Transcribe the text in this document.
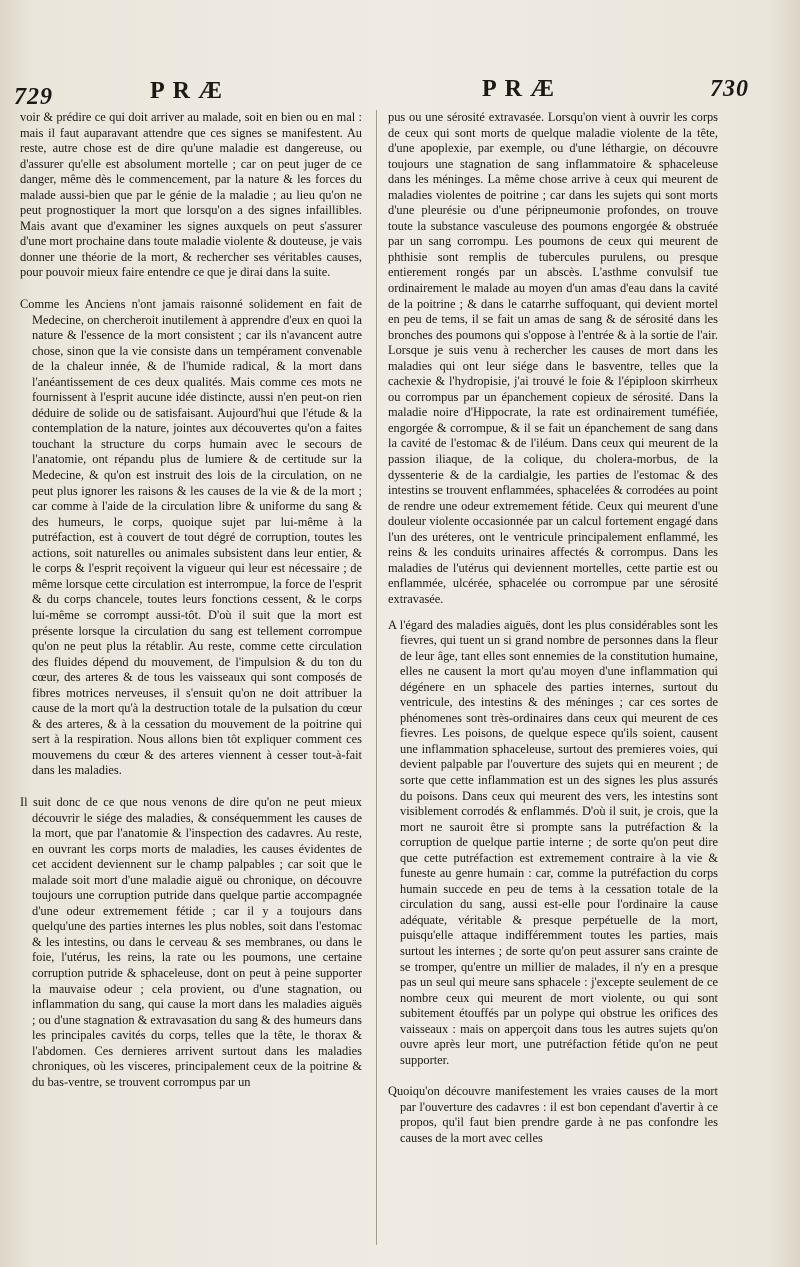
729	PRÆ	PRÆ	730

voir & prédire ce qui doit arriver au malade, soit en bien ou en mal : mais il faut auparavant attendre que ces signes se manifestent. Au reste, autre chose est de dire qu'une maladie est dangereuse, ou d'assurer qu'elle est absolument mortelle ; car on peut juger de ce danger, même dès le commencement, par la nature & les forces du malade aussi-bien que par le génie de la maladie ; au lieu qu'on ne peut prognostiquer la mort que lorsqu'on a des signes infaillibles. Mais avant que d'examiner les signes auxquels on peut s'assurer d'une mort prochaine dans toute maladie violente & douteuse, je vais donner une théorie de la mort, & rechercher ses véritables causes, pour pouvoir mieux faire entendre ce que je dirai dans la suite.

Comme les Anciens n'ont jamais raisonné solidement en fait de Medecine, on chercheroit inutilement à apprendre d'eux en quoi la nature & l'essence de la mort consistent ; car ils n'avancent autre chose, sinon que la vie consiste dans un tempérament convenable de la chaleur innée, & de l'humide radical, & la mort dans l'anéantissement de ces deux qualités. Mais comme ces mots ne fournissent à l'esprit aucune idée distincte, aussi n'en peut-on rien déduire de solide ou de satisfaisant. Aujourd'hui que l'étude & la contemplation de la nature, jointes aux découvertes qu'on a faites touchant la structure du corps humain avec le secours de l'anatomie, ont répandu plus de lumiere & de certitude sur la Medecine, & qu'on est instruit des lois de la circulation, on ne peut plus ignorer les raisons & les causes de la vie & de la mort ; car comme à l'aide de la circulation libre & uniforme du sang & des humeurs, le corps, quoique sujet par lui-même à la putréfaction, est à couvert de tout dégré de corruption, toutes les actions, soit naturelles ou animales subsistent dans leur entier, & le corps & l'esprit reçoivent la vigueur qui leur est nécessaire ; de même lorsque cette circulation est interrompue, la force de l'esprit & du corps chancele, toutes leurs fonctions cessent, & le corps lui-même se corrompt aussi-tôt. D'où il suit que la mort est présente lorsque la circulation du sang est tellement corrompue qu'on ne peut plus la rétablir. Au reste, comme cette circulation des fluides dépend du mouvement, de l'impulsion & du ton du cœur, des arteres & de tous les vaisseaux qui sont composés de fibres motrices nerveuses, il s'ensuit qu'on ne doit attribuer la cause de la mort qu'à la destruction totale de la pulsation du cœur & des arteres, & à la cessation du mouvement de la poitrine qui sert à la respiration. Nous allons bien tôt expliquer comment ces mouvemens du cœur & des arteres viennent à cesser tout-à-fait dans les maladies.

Il suit donc de ce que nous venons de dire qu'on ne peut mieux découvrir le siége des maladies, & conséquemment les causes de la mort, que par l'anatomie & l'inspection des cadavres. Au reste, en ouvrant les corps morts de maladies, les causes évidentes de cet accident deviennent sur le champ palpables ; car soit que le malade soit mort d'une maladie aiguë ou chronique, on découvre toujours une corruption putride dans quelque partie accompagnée d'une odeur extremement fétide ; car il y a toujours dans quelqu'une des parties internes les plus nobles, soit dans l'estomac & les intestins, ou dans le cerveau & ses membranes, ou dans le foie, l'utérus, les reins, la rate ou les poumons, une certaine corruption putride & sphaceleuse, dont on peut à peine supporter la mauvaise odeur ; cela provient, ou d'une stagnation, ou inflammation du sang, qui cause la mort dans les maladies aiguës ; ou d'une stagnation & extravasation du sang & des humeurs dans les principales cavités du corps, telles que la tête, le thorax & l'abdomen. Ces dernieres arrivent surtout dans les maladies chroniques, où les visceres, principalement ceux de la poitrine & du bas-ventre, se trouvent corrompus par un

pus ou une sérosité extravasée. Lorsqu'on vient à ouvrir les corps de ceux qui sont morts de quelque maladie violente de la tête, d'une apoplexie, par exemple, ou d'une léthargie, on découvre toujours une stagnation de sang inflammatoire & sphaceleuse dans les méninges. La même chose arrive à ceux qui meurent de maladies violentes de poitrine ; car dans les sujets qui sont morts d'une pleurésie ou d'une péripneumonie profondes, on trouve toute la substance vasculeuse des poumons engorgée & obstruée par un sang corrompu. Les poumons de ceux qui meurent de phthisie sont remplis de tubercules purulens, ou presque entierement rongés par un abscès. L'asthme convulsif tue ordinairement le malade au moyen d'un amas d'eau dans la cavité de la poitrine ; & dans le catarrhe suffoquant, qui devient mortel en peu de tems, il se fait un amas de sang & de sérosité dans les bronches des poumons qui s'oppose à l'entrée & à la sortie de l'air. Lorsque je suis venu à rechercher les causes de mort dans les maladies qui ont leur siége dans le basventre, telles que la cachexie & l'hydropisie, j'ai trouvé le foie & l'épiploon skirrheux ou corrompus par un épanchement copieux de sérosité. Dans la maladie noire d'Hippocrate, la rate est ordinairement tuméfiée, engorgée & corrompue, & il se fait un épanchement de sang dans la cavité de l'estomac & de l'iléum. Dans ceux qui meurent de la passion iliaque, de la colique, du cholera-morbus, de la dyssenterie & de la cardialgie, les parties de l'estomac & des intestins se trouvent enflammées, sphacelées & corrodées au point de rendre une odeur extremement fétide. Ceux qui meurent d'une douleur violente occasionnée par un calcul fortement engagé dans l'un des uréteres, ont le ventricule principalement enflammé, les reins & les conduits urinaires affectés & corrompus. Dans les maladies de l'utérus qui deviennent mortelles, cette partie est ou enflammée, ulcérée, sphacelée ou corrompue par une sérosité extravasée.

A l'égard des maladies aiguës, dont les plus considérables sont les fievres, qui tuent un si grand nombre de personnes dans la fleur de leur âge, tant elles sont ennemies de la constitution humaine, elles ne causent la mort qu'au moyen d'une inflammation qui dégénere en un sphacele des parties internes, surtout du ventricule, des intestins & des méninges ; car ces sortes de phénomenes sont très-ordinaires dans ceux qui meurent de ces fievres. Les poisons, de quelque espece qu'ils soient, causent une inflammation sphaceleuse, surtout des premieres voies, qui devient palpable par l'ouverture des sujets qui en meurent ; de sorte que cette inflammation est un des signes les plus assurés du poisons. Dans ceux qui meurent des vers, les intestins sont visiblement corrodés & enflammés. D'où il suit, je crois, que la mort ne sauroit être si prompte sans la putréfaction & la corruption de quelque partie interne ; de sorte qu'on peut dire que cette putréfaction est extremement contraire à la vie & funeste au genre humain : car, comme la putréfaction du corps humain succede en peu de tems à la cessation totale de la circulation du sang, aussi est-elle pour l'ordinaire la cause adéquate, véritable & presque perpétuelle de la mort, puisqu'elle attaque indifféremment toutes les parties, mais surtout les internes ; de sorte qu'on peut assurer sans crainte de se tromper, qu'entre un millier de malades, il n'y en a presque pas un seul qui meure sans sphacele : j'excepte seulement de ce nombre ceux qui meurent de mort violente, ou qui sont subitement étouffés par un polype qui obstrue les orifices des vaisseaux : mais on apperçoit dans tous les autres sujets qu'on ouvre après leur mort, une putréfaction fétide qu'on ne peut supporter.

Quoiqu'on découvre manifestement les vraies causes de la mort par l'ouverture des cadavres : il est bon cependant d'avertir à ce propos, qu'il faut bien prendre garde à ne pas confondre les causes de la mort avec celles
